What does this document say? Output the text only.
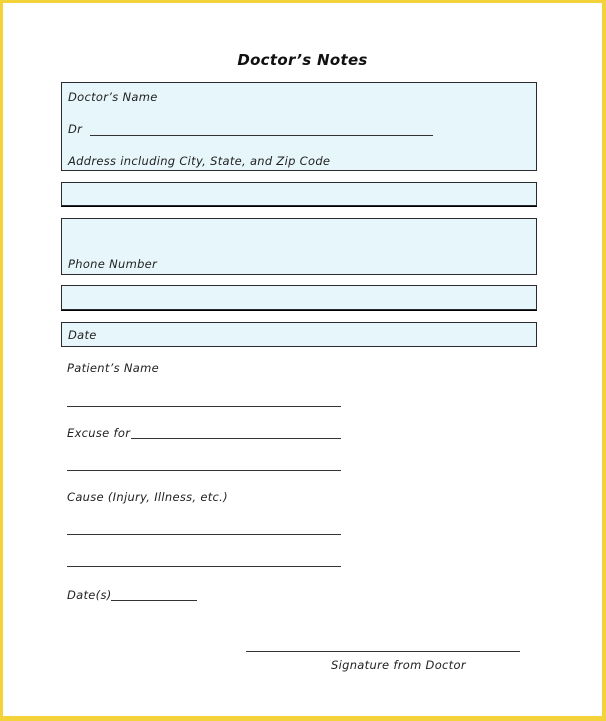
Doctor’s Notes
Doctor’s Name
Dr
Address including City, State, and Zip Code
Phone Number
Date
Patient’s Name
Excuse for
Cause (Injury, Illness, etc.)
Date(s)
Signature from Doctor
